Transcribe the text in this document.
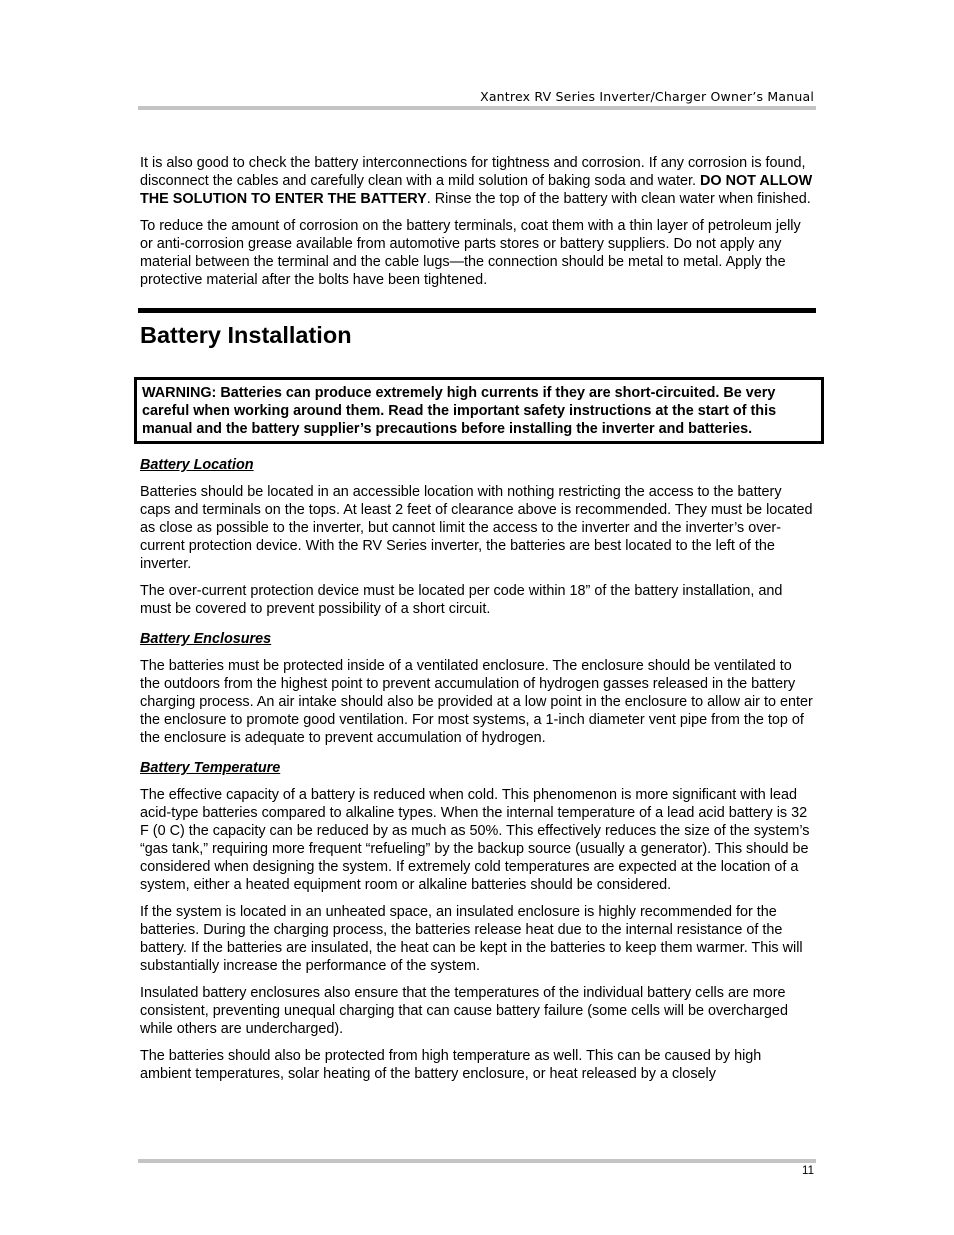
Xantrex RV Series Inverter/Charger Owner’s Manual

It is also good to check the battery interconnections for tightness and corrosion. If any corrosion is found, disconnect the cables and carefully clean with a mild solution of baking soda and water. DO NOT ALLOW THE SOLUTION TO ENTER THE BATTERY. Rinse the top of the battery with clean water when finished.

To reduce the amount of corrosion on the battery terminals, coat them with a thin layer of petroleum jelly or anti-corrosion grease available from automotive parts stores or battery suppliers. Do not apply any material between the terminal and the cable lugs—the connection should be metal to metal. Apply the protective material after the bolts have been tightened.

Battery Installation
WARNING: Batteries can produce extremely high currents if they are short-circuited. Be very careful when working around them. Read the important safety instructions at the start of this manual and the battery supplier’s precautions before installing the inverter and batteries.
Battery Location

Batteries should be located in an accessible location with nothing restricting the access to the battery caps and terminals on the tops. At least 2 feet of clearance above is recommended. They must be located as close as possible to the inverter, but cannot limit the access to the inverter and the inverter’s over-current protection device. With the RV Series inverter, the batteries are best located to the left of the inverter.

The over-current protection device must be located per code within 18” of the battery installation, and must be covered to prevent possibility of a short circuit.

Battery Enclosures

The batteries must be protected inside of a ventilated enclosure. The enclosure should be ventilated to the outdoors from the highest point to prevent accumulation of hydrogen gasses released in the battery charging process. An air intake should also be provided at a low point in the enclosure to allow air to enter the enclosure to promote good ventilation. For most systems, a 1-inch diameter vent pipe from the top of the enclosure is adequate to prevent accumulation of hydrogen.

Battery Temperature

The effective capacity of a battery is reduced when cold. This phenomenon is more significant with lead acid-type batteries compared to alkaline types. When the internal temperature of a lead acid battery is 32 F (0 C) the capacity can be reduced by as much as 50%. This effectively reduces the size of the system’s “gas tank,” requiring more frequent “refueling” by the backup source (usually a generator). This should be considered when designing the system. If extremely cold temperatures are expected at the location of a system, either a heated equipment room or alkaline batteries should be considered.

If the system is located in an unheated space, an insulated enclosure is highly recommended for the batteries. During the charging process, the batteries release heat due to the internal resistance of the battery. If the batteries are insulated, the heat can be kept in the batteries to keep them warmer. This will substantially increase the performance of the system.

Insulated battery enclosures also ensure that the temperatures of the individual battery cells are more consistent, preventing unequal charging that can cause battery failure (some cells will be overcharged while others are undercharged).

The batteries should also be protected from high temperature as well. This can be caused by high ambient temperatures, solar heating of the battery enclosure, or heat released by a closely

11
